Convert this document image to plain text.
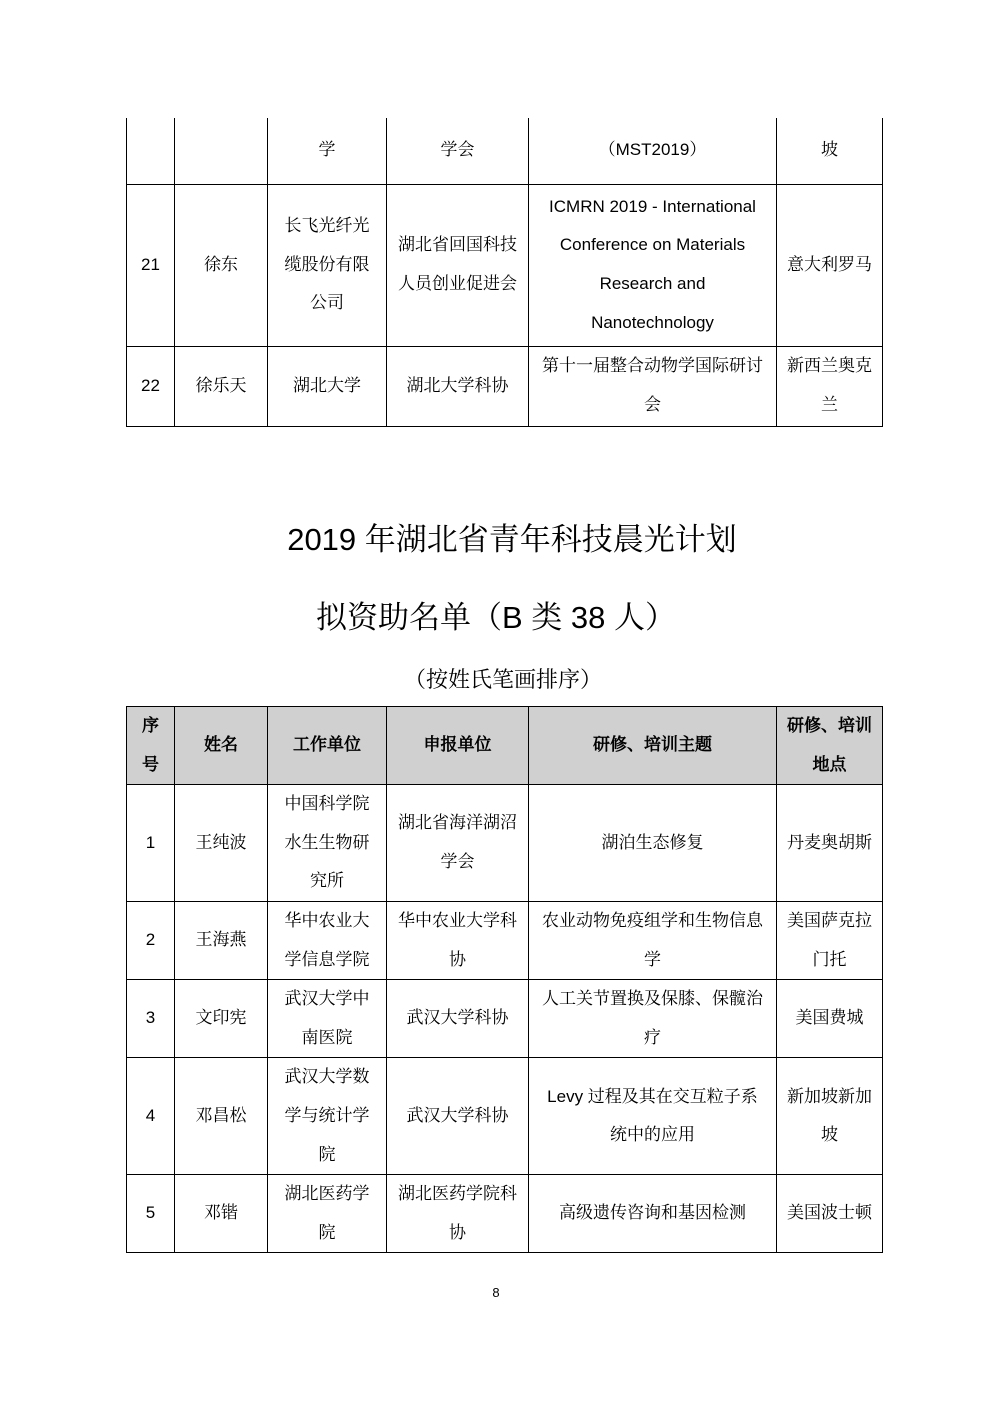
		学	学会	（MST2019）	坡
21	徐东	长飞光纤光缆股份有限公司	湖北省回国科技人员创业促进会	ICMRN 2019 - International Conference on Materials Research and Nanotechnology	意大利罗马
22	徐乐天	湖北大学	湖北大学科协	第十一届整合动物学国际研讨会	新西兰奥克兰
2019 年湖北省青年科技晨光计划
拟资助名单（B 类 38 人）
（按姓氏笔画排序）
序号	姓名	工作单位	申报单位	研修、培训主题	研修、培训地点
1	王纯波	中国科学院水生生物研究所	湖北省海洋湖沼学会	湖泊生态修复	丹麦奥胡斯
2	王海燕	华中农业大学信息学院	华中农业大学科协	农业动物免疫组学和生物信息学	美国萨克拉门托
3	文印宪	武汉大学中南医院	武汉大学科协	人工关节置换及保膝、保髋治疗	美国费城
4	邓昌松	武汉大学数学与统计学院	武汉大学科协	Levy 过程及其在交互粒子系统中的应用	新加坡新加坡
5	邓锴	湖北医药学院	湖北医药学院科协	高级遗传咨询和基因检测	美国波士顿
8
